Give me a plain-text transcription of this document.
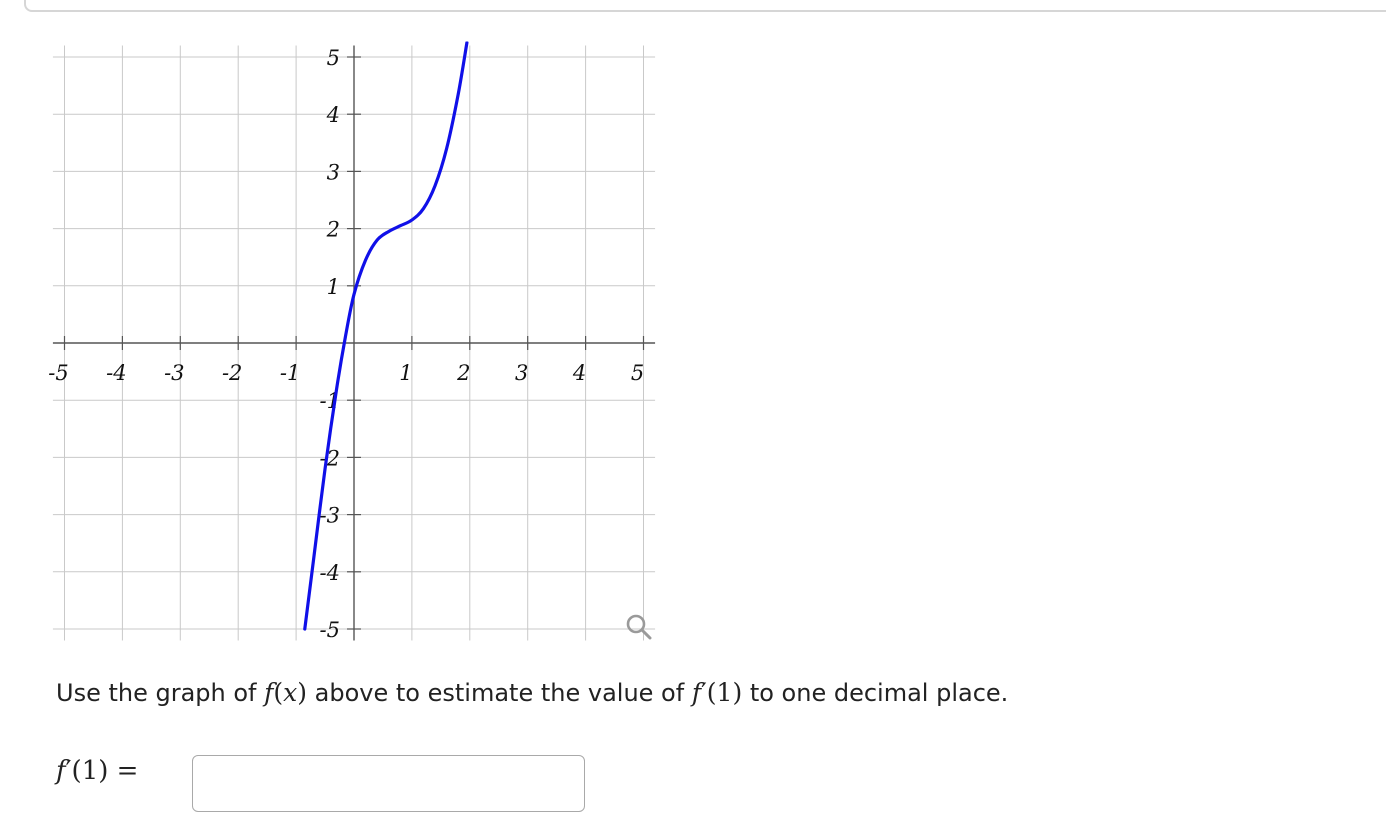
-5 -4 -3 -2 -1	1 2 3 4 5
5
4
3
2
1
-1
-2
-3
-4
-5
Use the graph of f(x) above to estimate the value of f′(1) to one decimal place.
f′(1) =
